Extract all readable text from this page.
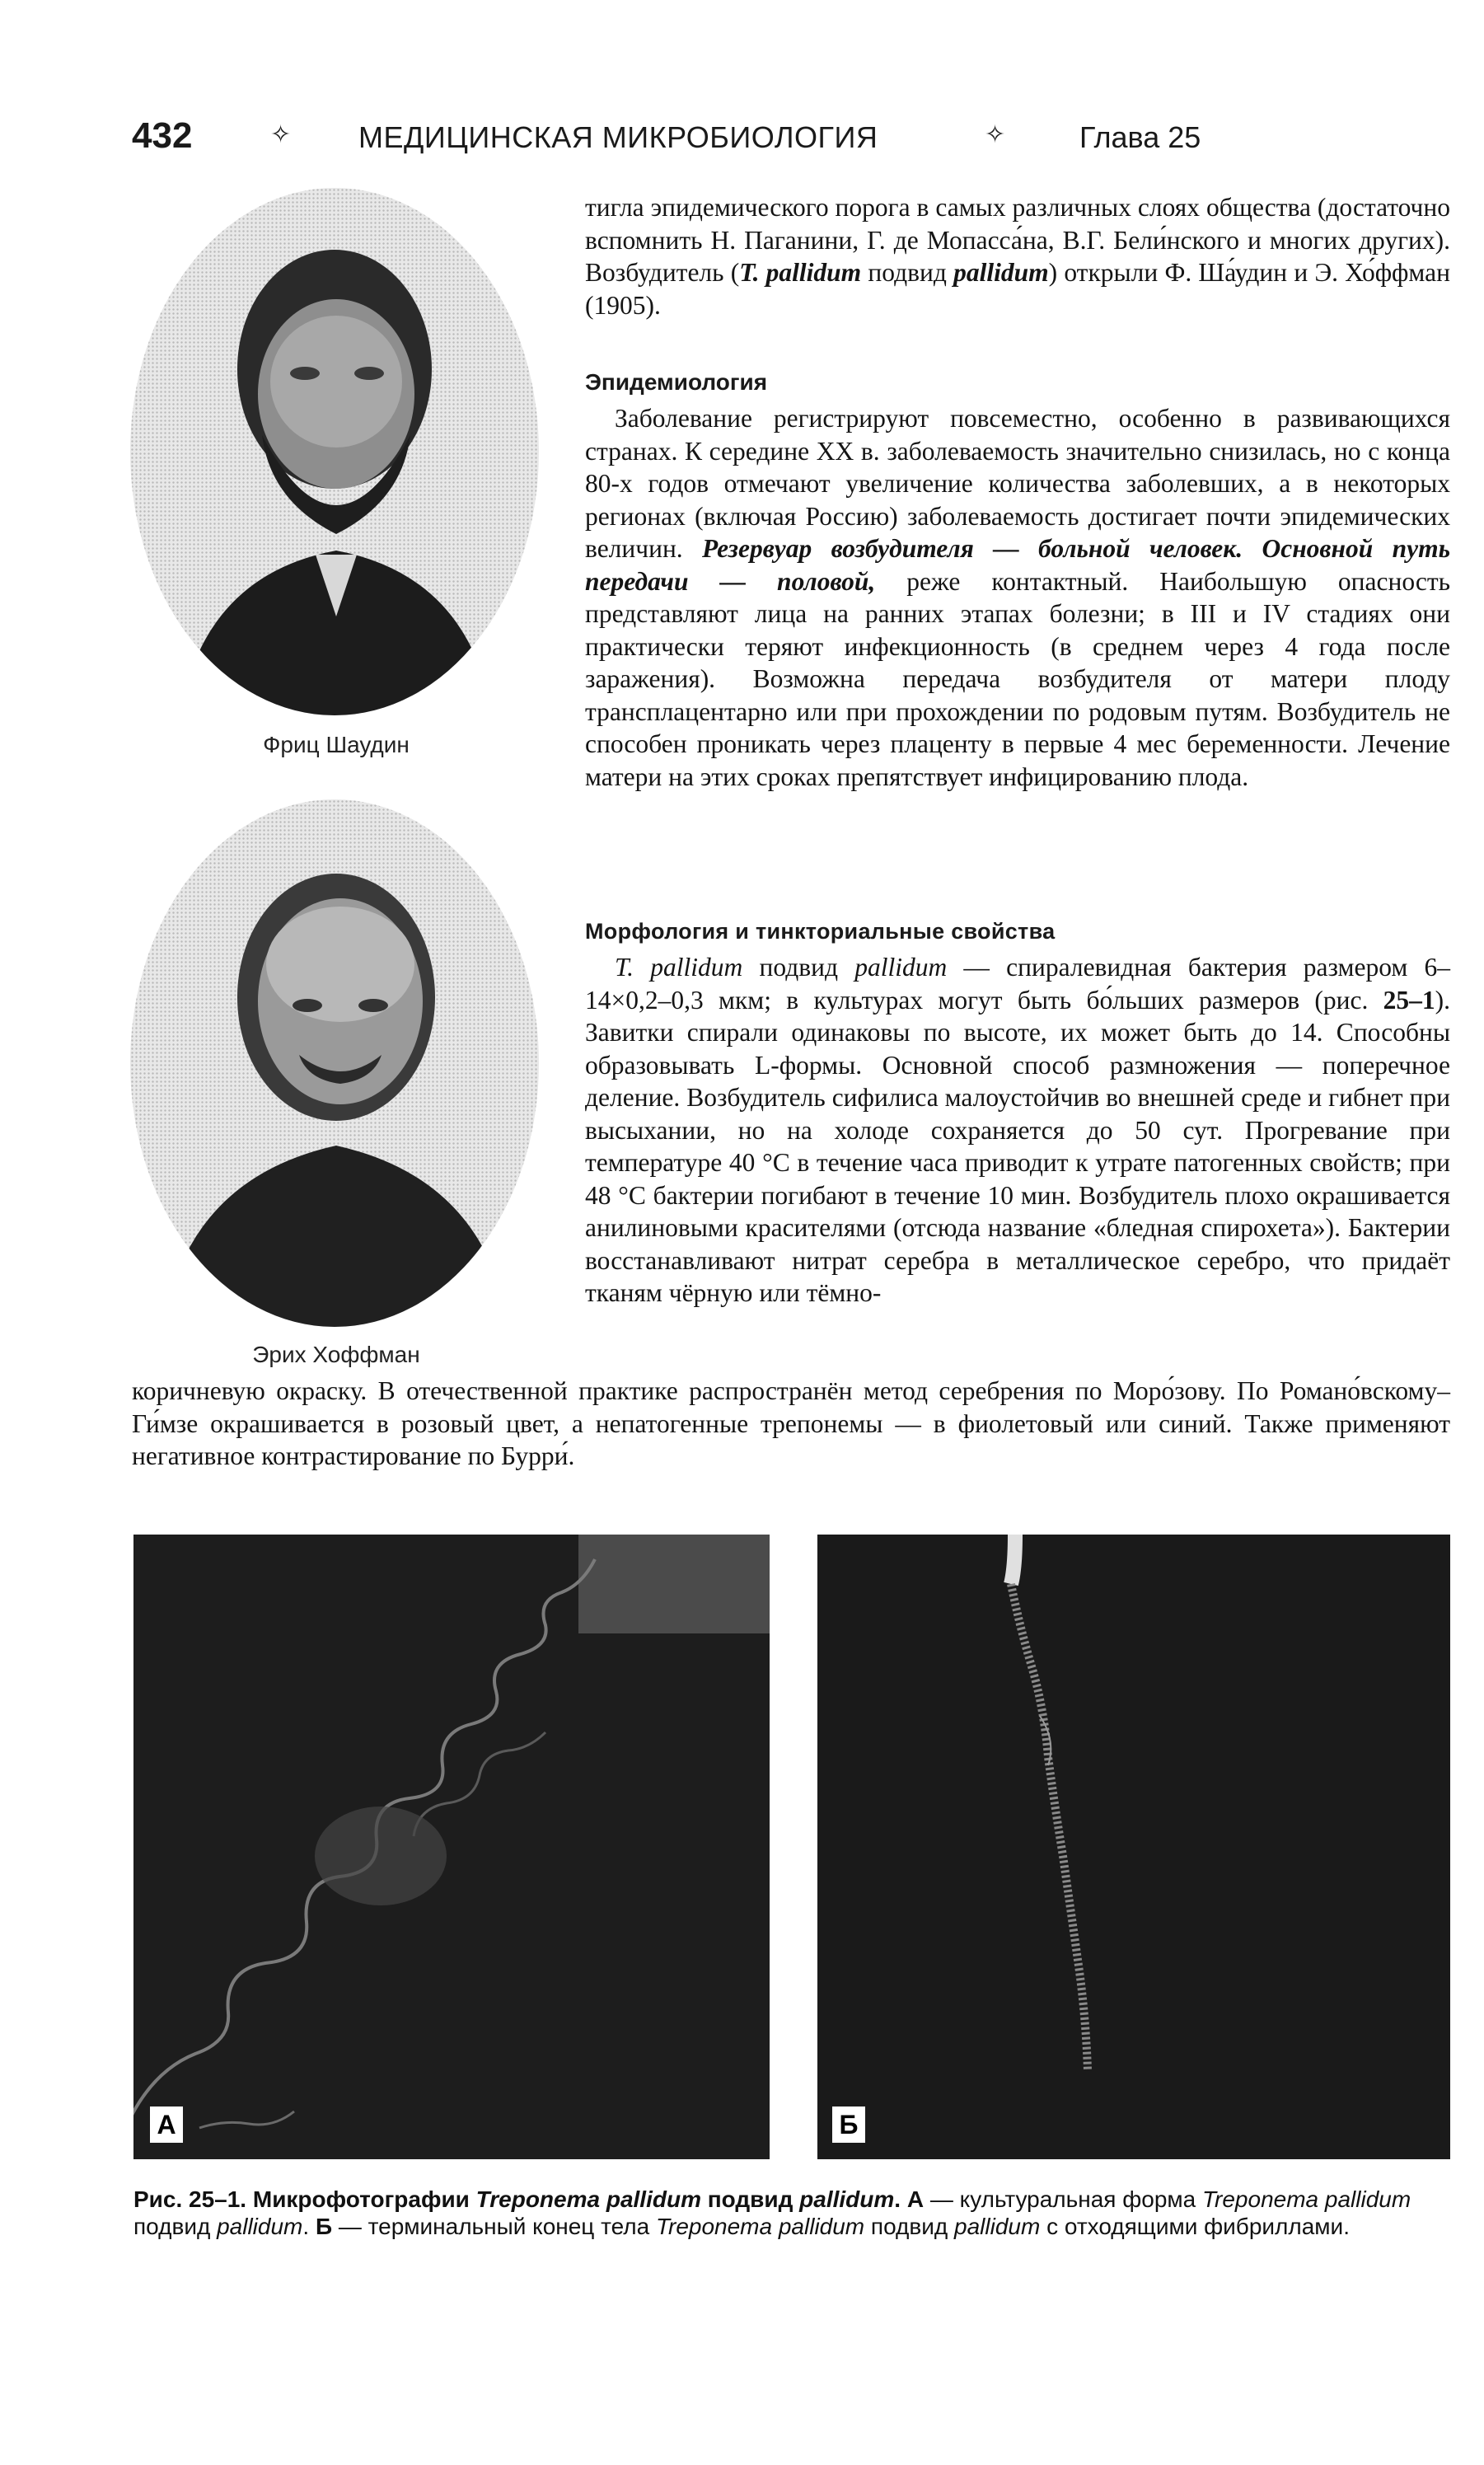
432	✧ МЕДИЦИНСКАЯ МИКРОБИОЛОГИЯ	✧ Глава 25
Фриц Шаудин
Эрих Хоффман

тигла эпидемического порога в самых различных слоях общества (достаточно вспомнить Н. Паганини, Г. де Мопасса́на, В.Г. Бели́нского и многих других). Возбудитель (T. pallidum подвид pallidum) открыли Ф. Ша́удин и Э. Хо́ффман (1905).

Эпидемиология

Заболевание регистрируют повсеместно, особенно в развивающихся странах. К середине XX в. заболеваемость значительно снизилась, но с конца 80-х годов отмечают увеличение количества заболевших, а в некоторых регионах (включая Россию) заболеваемость достигает почти эпидемических величин. Резервуар возбудителя — больной человек. Основной путь передачи — половой, реже контактный. Наибольшую опасность представляют лица на ранних этапах болезни; в III и IV стадиях они практически теряют инфекционность (в среднем через 4 года после заражения). Возможна передача возбудителя от матери плоду трансплацентарно или при прохождении по родовым путям. Возбудитель не способен проникать через плаценту в первые 4 мес беременности. Лечение матери на этих сроках препятствует инфицированию плода.

Морфология и тинкториальные свойства

T. pallidum подвид pallidum — спиралевидная бактерия размером 6–14×0,2–0,3 мкм; в культурах могут быть бо́льших размеров (рис. 25–1). Завитки спирали одинаковы по высоте, их может быть до 14. Способны образовывать L-формы. Основной способ размножения — поперечное деление. Возбудитель сифилиса малоустойчив во внешней среде и гибнет при высыхании, но на холоде сохраняется до 50 сут. Прогревание при температуре 40 °С в течение часа приводит к утрате патогенных свойств; при 48 °С бактерии погибают в течение 10 мин. Возбудитель плохо окрашивается анилиновыми красителями (отсюда название «бледная спирохета»). Бактерии восстанавливают нитрат серебра в металлическое серебро, что придаёт тканям чёрную или тёмно-

коричневую окраску. В отечественной практике распространён метод серебрения по Моро́зову. По Романо́вскому–Ги́мзе окрашивается в розовый цвет, а непатогенные трепонемы — в фиолетовый или синий. Также применяют негативное контрастирование по Бурри́.

А	Б
Рис. 25–1. Микрофотографии Treponema pallidum подвид pallidum. А — культуральная форма Treponema pallidum подвид pallidum. Б — терминальный конец тела Treponema pallidum подвид pallidum с отходящими фибриллами.
